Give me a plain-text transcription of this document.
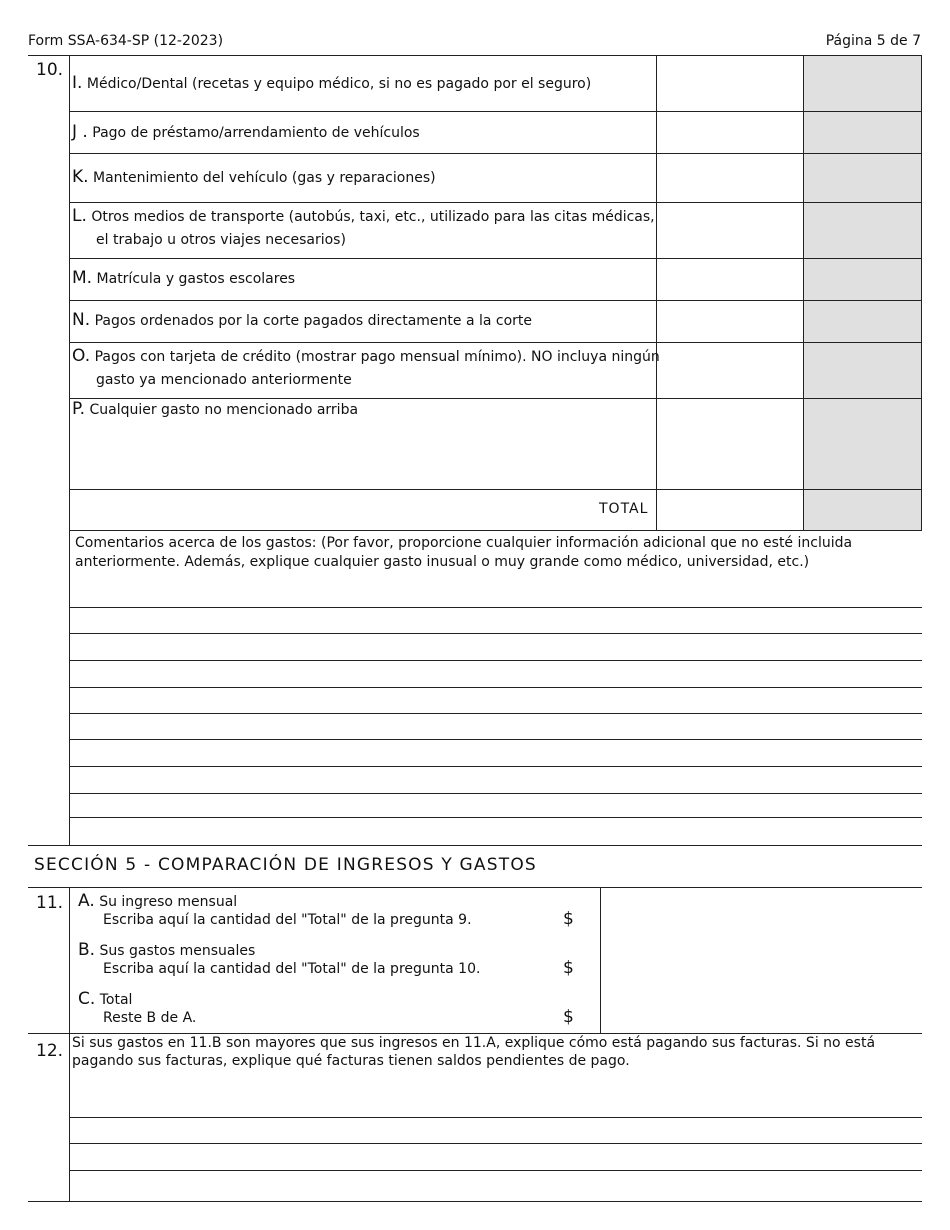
Form SSA-634-SP (12-2023)	Página 5 de 7
10.
I. Médico/Dental (recetas y equipo médico, si no es pagado por el seguro)
J . Pago de préstamo/arrendamiento de vehículos
K. Mantenimiento del vehículo (gas y reparaciones)
L. Otros medios de transporte (autobús, taxi, etc., utilizado para las citas médicas,
el trabajo u otros viajes necesarios)
M. Matrícula y gastos escolares
N. Pagos ordenados por la corte pagados directamente a la corte
O. Pagos con tarjeta de crédito (mostrar pago mensual mínimo). NO incluya ningún
gasto ya mencionado anteriormente
P. Cualquier gasto no mencionado arriba
TOTAL
Comentarios acerca de los gastos: (Por favor, proporcione cualquier información adicional que no esté incluida
anteriormente. Además, explique cualquier gasto inusual o muy grande como médico, universidad, etc.)
SECCIÓN 5 - COMPARACIÓN DE INGRESOS Y GASTOS
11. A. Su ingreso mensual
Escriba aquí la cantidad del "Total" de la pregunta 9.	$
B. Sus gastos mensuales
Escriba aquí la cantidad del "Total" de la pregunta 10.	$
C. Total
Reste B de A.	$
12. Si sus gastos en 11.B son mayores que sus ingresos en 11.A, explique cómo está pagando sus facturas. Si no está
pagando sus facturas, explique qué facturas tienen saldos pendientes de pago.
